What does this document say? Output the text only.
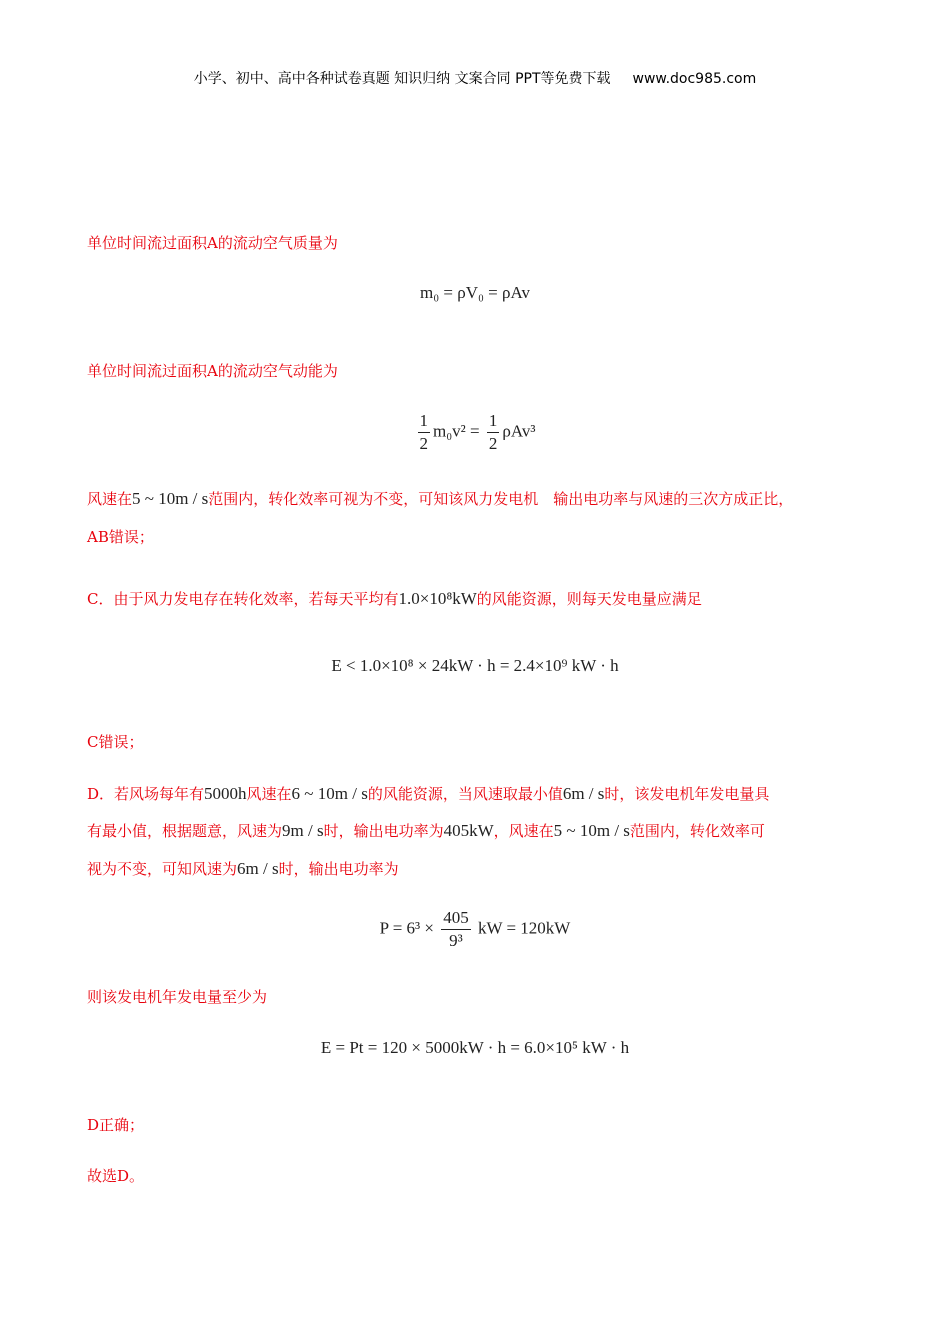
小学、初中、高中各种试卷真题 知识归纳 文案合同 PPT等免费下载 www.doc985.com
单位时间流过面积A的流动空气质量为
m₀ = ρV₀ = ρAv
单位时间流过面积A的流动空气动能为
$\frac{1}{2} m_0v^2 = \frac{1}{2} \rho Av^3$
风速在5 ~ 10m / s范围内，转化效率可视为不变，可知该风力发电机　输出电功率与风速的三次方成正比，
AB错误；
C．由于风力发电存在转化效率，若每天平均有1.0×10⁸kW的风能资源，则每天发电量应满足
E < 1.0×10⁸ × 24kW · h = 2.4×10⁹ kW · h
C错误；
D．若风场每年有5000h风速在6 ~ 10m / s的风能资源，当风速取最小值6m / s时，该发电机年发电量具
有最小值，根据题意，风速为9m / s时，输出电功率为405kW，风速在5 ~ 10m / s范围内，转化效率可
视为不变，可知风速为6m / s时，输出电功率为
$P = 6^3 \times \frac{405}{\text{9³}}$ kW = 120kW
则该发电机年发电量至少为
E = Pt = 120 × 5000kW · h = 6.0×10⁵ kW · h
D正确；
故选D。
